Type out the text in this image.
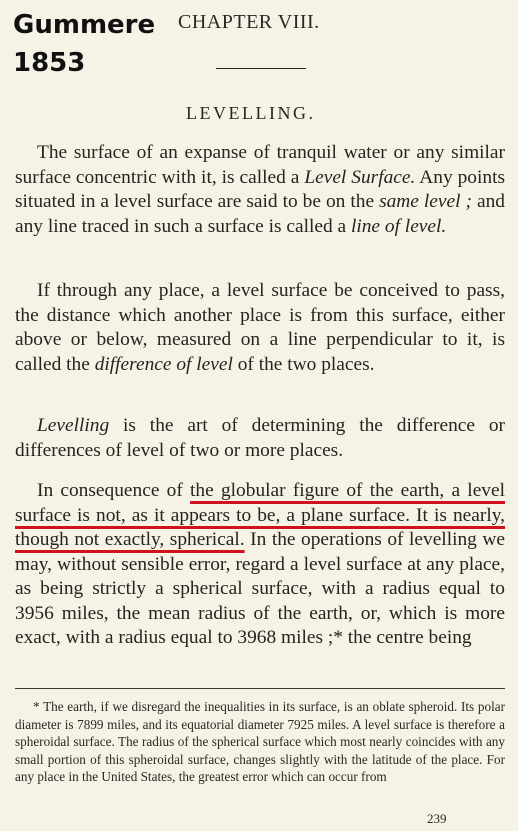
Gummere
1853
CHAPTER VIII.
LEVELLING.

The surface of an expanse of tranquil water or any similar surface concentric with it, is called a Level Surface. Any points situated in a level surface are said to be on the same level ; and any line traced in such a surface is called a line of level.

If through any place, a level surface be conceived to pass, the distance which another place is from this surface, either above or below, measured on a line perpendicular to it, is called the difference of level of the two places.

Levelling is the art of determining the difference or differences of level of two or more places.

In consequence of the globular figure of the earth, a level surface is not, as it appears to be, a plane surface. It is nearly, though not exactly, spherical. In the operations of levelling we may, without sensible error, regard a level surface at any place, as being strictly a spherical surface, with a radius equal to 3956 miles, the mean radius of the earth, or, which is more exact, with a radius equal to 3968 miles ;* the centre being

* The earth, if we disregard the inequalities in its surface, is an oblate spheroid. Its polar diameter is 7899 miles, and its equatorial diameter 7925 miles. A level surface is therefore a spheroidal surface. The radius of the spherical surface which most nearly coincides with any small portion of this spheroidal surface, changes slightly with the latitude of the place. For any place in the United States, the greatest error which can occur from

239
